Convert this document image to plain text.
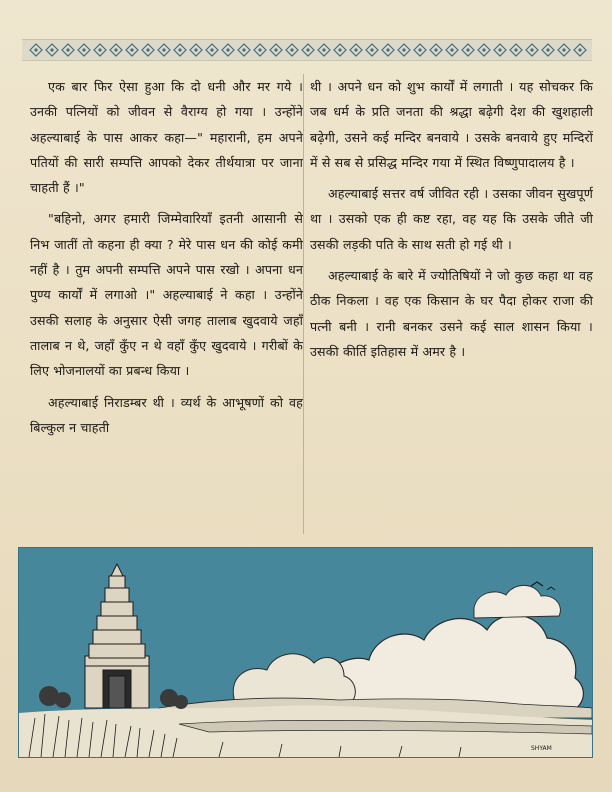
एक बार फिर ऐसा हुआ कि दो धनी और मर गये । उनकी पत्नियों को जीवन से वैराग्य हो गया । उन्होंने अहल्याबाई के पास आकर कहा—" महारानी, हम अपने पतियों की सारी सम्पत्ति आपको देकर तीर्थयात्रा पर जाना चाहती हैं ।"

"बहिनो, अगर हमारी जिम्मेवारियाँ इतनी आसानी से निभ जातीं तो कहना ही क्या ? मेरे पास धन की कोई कमी नहीं है । तुम अपनी सम्पत्ति अपने पास रखो । अपना धन पुण्य कार्यों में लगाओ ।" अहल्याबाई ने कहा । उन्होंने उसकी सलाह के अनुसार ऐसी जगह तालाब खुदवाये जहाँ तालाब न थे, जहाँ कुँए न थे वहाँ कुँए खुदवाये । गरीबों के लिए भोजनालयों का प्रबन्ध किया ।

अहल्याबाई निराडम्बर थी । व्यर्थ के आभूषणों को वह बिल्कुल न चाहती

थी । अपने धन को शुभ कार्यों में लगाती । यह सोचकर कि जब धर्म के प्रति जनता की श्रद्धा बढ़ेगी देश की खुशहाली बढ़ेगी, उसने कई मन्दिर बनवाये । उसके बनवाये हुए मन्दिरों में से सब से प्रसिद्ध मन्दिर गया में स्थित विष्णुपादालय है ।

अहल्याबाई सत्तर वर्ष जीवित रही । उसका जीवन सुखपूर्ण था । उसको एक ही कष्ट रहा, वह यह कि उसके जीते जी उसकी लड़की पति के साथ सती हो गई थी ।

अहल्याबाई के बारे में ज्योतिषियों ने जो कुछ कहा था वह ठीक निकला । वह एक किसान के घर पैदा होकर राजा की पत्नी बनी । रानी बनकर उसने कई साल शासन किया । उसकी कीर्ति इतिहास में अमर है ।

SHYAM
